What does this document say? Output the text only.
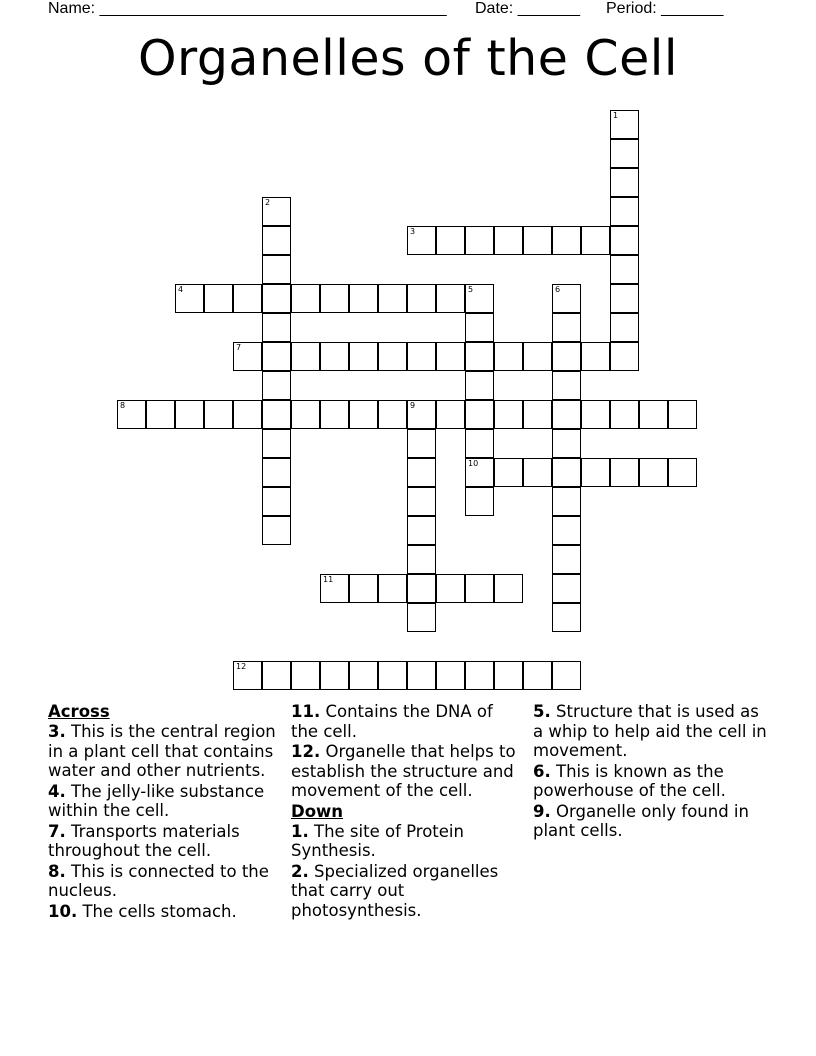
Name: _______________________________________ Date: _______ Period: _______
Organelles of the Cell
1
2
3
4	5
10
6
7
8	9
11
12
Across

3. This is the central region in a plant cell that contains water and other nutrients.

4. The jelly-like substance within the cell.

7. Transports materials throughout the cell.

8. This is connected to the nucleus.

10. The cells stomach.

11. Contains the DNA of the cell.

12. Organelle that helps to establish the structure and movement of the cell.

Down

1. The site of Protein Synthesis.

2. Specialized organelles that carry out photosynthesis.

5. Structure that is used as a whip to help aid the cell in movement.

6. This is known as the powerhouse of the cell.

9. Organelle only found in plant cells.
